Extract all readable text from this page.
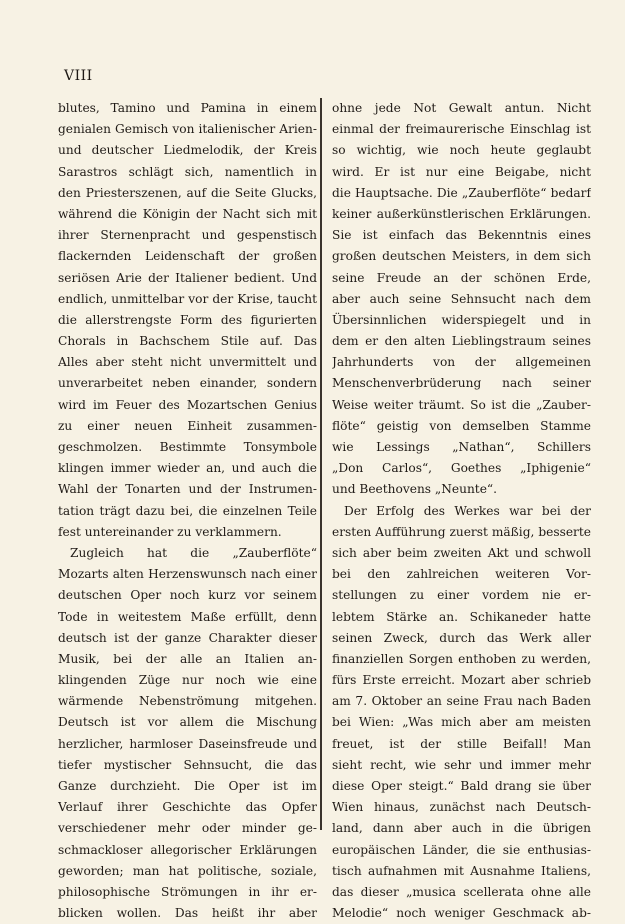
VIII
blutes, Tamino und Pamina in einem
genialen Gemisch von italienischer Arien-
und deutscher Liedmelodik, der Kreis
Sarastros schlägt sich, namentlich in
den Priesterszenen, auf die Seite Glucks,
während die Königin der Nacht sich mit
ihrer Sternenpracht und gespenstisch
flackernden Leidenschaft der großen
seriösen Arie der Italiener bedient. Und
endlich, unmittelbar vor der Krise, taucht
die allerstrengste Form des figurierten
Chorals in Bachschem Stile auf. Das
Alles aber steht nicht unvermittelt und
unverarbeitet neben einander, sondern
wird im Feuer des Mozartschen Genius
zu einer neuen Einheit zusammen-
geschmolzen. Bestimmte Tonsymbole
klingen immer wieder an, und auch die
Wahl der Tonarten und der Instrumen-
tation trägt dazu bei, die einzelnen Teile
fest untereinander zu verklammern.
Zugleich hat die „Zauberflöte“
Mozarts alten Herzenswunsch nach einer
deutschen Oper noch kurz vor seinem
Tode in weitestem Maße erfüllt, denn
deutsch ist der ganze Charakter dieser
Musik, bei der alle an Italien an-
klingenden Züge nur noch wie eine
wärmende Nebenströmung mitgehen.
Deutsch ist vor allem die Mischung
herzlicher, harmloser Daseinsfreude und
tiefer mystischer Sehnsucht, die das
Ganze durchzieht. Die Oper ist im
Verlauf ihrer Geschichte das Opfer
verschiedener mehr oder minder ge-
schmackloser allegorischer Erklärungen
geworden; man hat politische, soziale,
philosophische Strömungen in ihr er-
blicken wollen. Das heißt ihr aber
ohne jede Not Gewalt antun. Nicht
einmal der freimaurerische Einschlag ist
so wichtig, wie noch heute geglaubt
wird. Er ist nur eine Beigabe, nicht
die Hauptsache. Die „Zauberflöte“ bedarf
keiner außerkünstlerischen Erklärungen.
Sie ist einfach das Bekenntnis eines
großen deutschen Meisters, in dem sich
seine Freude an der schönen Erde,
aber auch seine Sehnsucht nach dem
Übersinnlichen widerspiegelt und in
dem er den alten Lieblingstraum seines
Jahrhunderts von der allgemeinen
Menschenverbrüderung nach seiner
Weise weiter träumt. So ist die „Zauber-
flöte“ geistig von demselben Stamme
wie Lessings „Nathan“, Schillers
„Don Carlos“, Goethes „Iphigenie“
und Beethovens „Neunte“.
Der Erfolg des Werkes war bei der
ersten Aufführung zuerst mäßig, besserte
sich aber beim zweiten Akt und schwoll
bei den zahlreichen weiteren Vor-
stellungen zu einer vordem nie er-
lebtem Stärke an. Schikaneder hatte
seinen Zweck, durch das Werk aller
finanziellen Sorgen enthoben zu werden,
fürs Erste erreicht. Mozart aber schrieb
am 7. Oktober an seine Frau nach Baden
bei Wien: „Was mich aber am meisten
freuet, ist der stille Beifall! Man
sieht recht, wie sehr und immer mehr
diese Oper steigt.“ Bald drang sie über
Wien hinaus, zunächst nach Deutsch-
land, dann aber auch in die übrigen
europäischen Länder, die sie enthusias-
tisch aufnahmen mit Ausnahme Italiens,
das dieser „musica scellerata ohne alle
Melodie“ noch weniger Geschmack ab-
